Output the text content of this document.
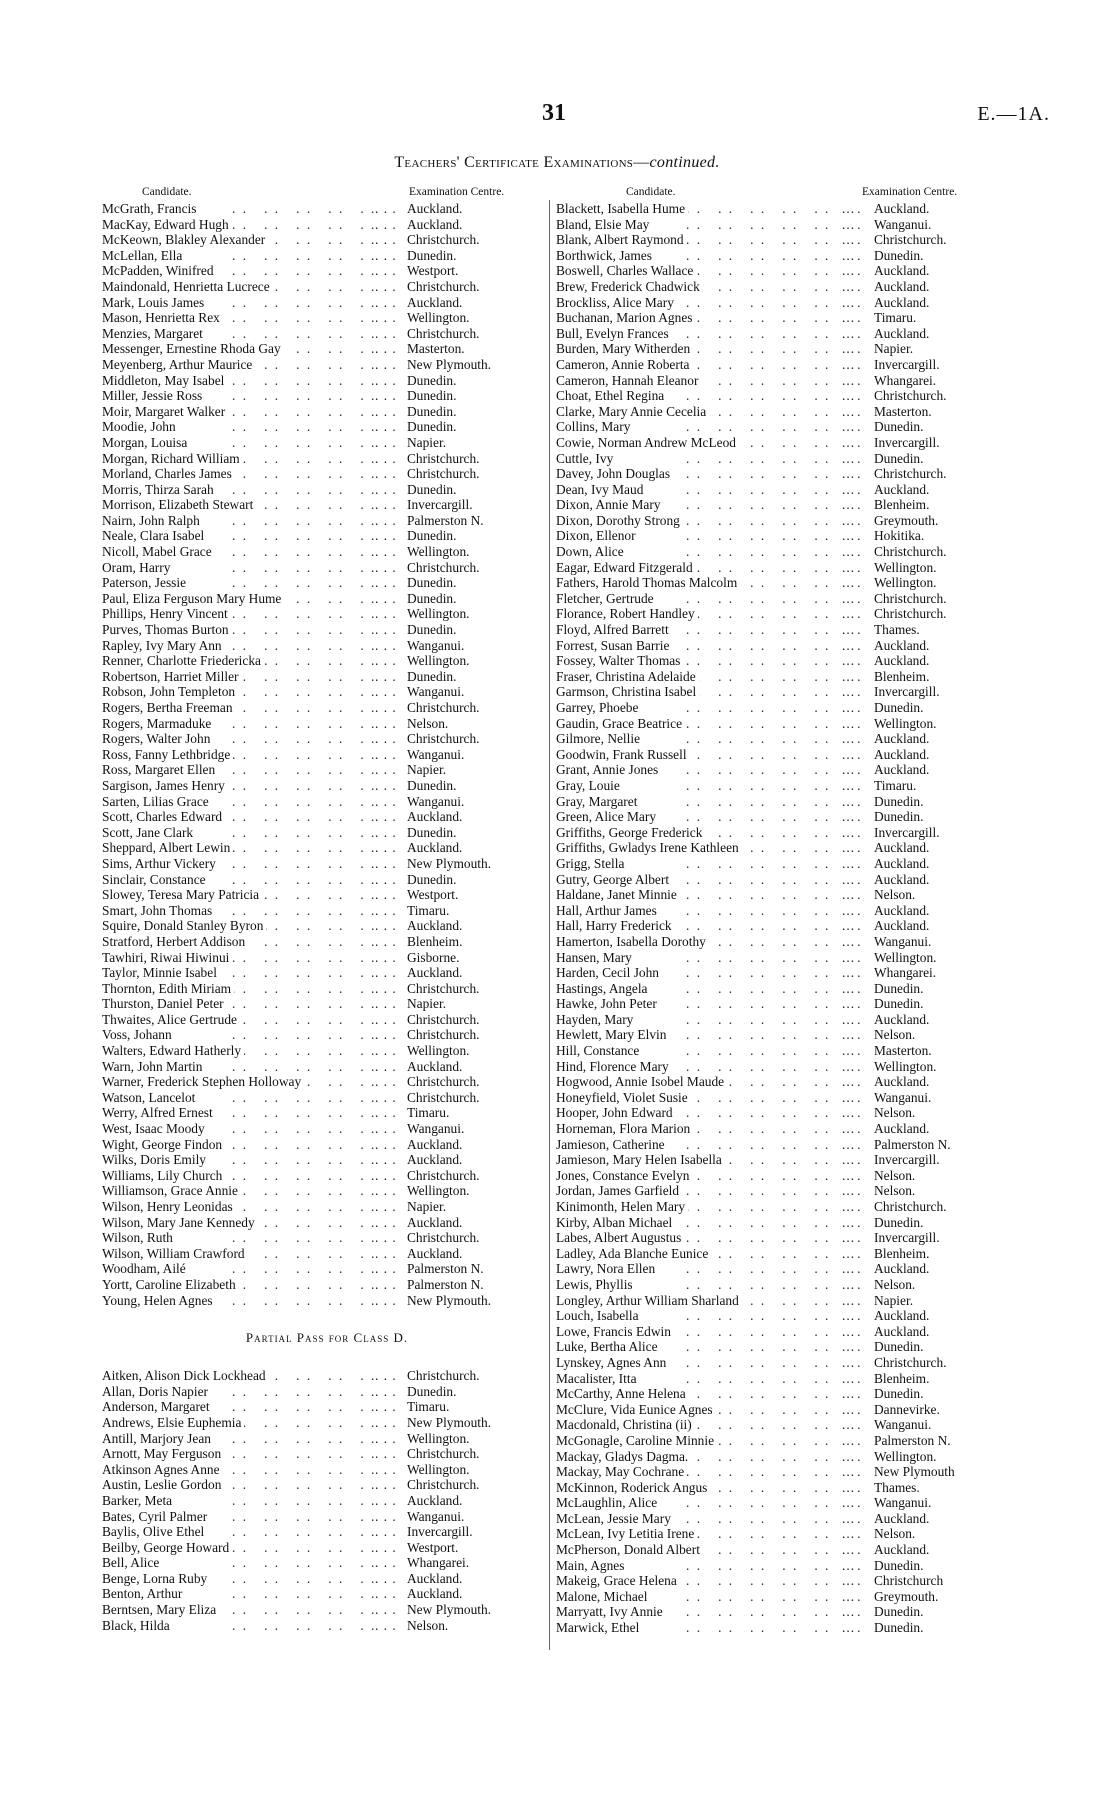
31	E.—1A.
Teachers' Certificate Examinations—continued.
Candidate.	Examination Centre.
McGrath, Francis . .	. . Auckland.
MacKay, Edward Hugh . .	. . Auckland.
McKeown, Blakley Alexander . .	. . Christchurch.
McLellan, Ella . .	. . Dunedin.
McPadden, Winifred . .	. . Westport.
Maindonald, Henrietta Lucrece . .	. . Christchurch.
Mark, Louis James . .	. . Auckland.
Mason, Henrietta Rex . .	. . Wellington.
Menzies, Margaret . .	. . Christchurch.
Messenger, Ernestine Rhoda Gay . .	. . Masterton.
Meyenberg, Arthur Maurice . .	. . New Plymouth.
Middleton, May Isabel . .	. . Dunedin.
Miller, Jessie Ross . .	. . Dunedin.
Moir, Margaret Walker . .	. . Dunedin.
Moodie, John . .	. . Dunedin.
Morgan, Louisa . .	. . Napier.
Morgan, Richard William . .	. . Christchurch.
Morland, Charles James . .	. . Christchurch.
Morris, Thirza Sarah . .	. . Dunedin.
Morrison, Elizabeth Stewart . .	. . Invercargill.
Nairn, John Ralph . .	. . Palmerston N.
Neale, Clara Isabel . .	. . Dunedin.
Nicoll, Mabel Grace . .	. . Wellington.
Oram, Harry . .	. . Christchurch.
Paterson, Jessie . .	. . Dunedin.
Paul, Eliza Ferguson Mary Hume . .	. . Dunedin.
Phillips, Henry Vincent . .	. . Wellington.
Purves, Thomas Burton . .	. . Dunedin.
Rapley, Ivy Mary Ann . .	. . Wanganui.
Renner, Charlotte Friedericka . .	. . Wellington.
Robertson, Harriet Miller . .	. . Dunedin.
Robson, John Templeton . .	. . Wanganui.
Rogers, Bertha Freeman . .	. . Christchurch.
Rogers, Marmaduke . .	. . Nelson.
Rogers, Walter John . .	. . Christchurch.
Ross, Fanny Lethbridge . .	. . Wanganui.
Ross, Margaret Ellen . .	. . Napier.
Sargison, James Henry . .	. . Dunedin.
Sarten, Lilias Grace . .	. . Wanganui.
Scott, Charles Edward . .	. . Auckland.
Scott, Jane Clark . .	. . Dunedin.
Sheppard, Albert Lewin . .	. . Auckland.
Sims, Arthur Vickery . .	. . New Plymouth.
Sinclair, Constance . .	. . Dunedin.
Slowey, Teresa Mary Patricia . .	. . Westport.
Smart, John Thomas . .	. . Timaru.
Squire, Donald Stanley Byron . .	. . Auckland.
Stratford, Herbert Addison . .	. . Blenheim.
Tawhiri, Riwai Hiwinui . .	. . Gisborne.
Taylor, Minnie Isabel . .	. . Auckland.
Thornton, Edith Miriam . .	. . Christchurch.
Thurston, Daniel Peter . .	. . Napier.
Thwaites, Alice Gertrude . .	. . Christchurch.
Voss, Johann . .	. . Christchurch.
Walters, Edward Hatherly . .	. . Wellington.
Warn, John Martin . .	. . Auckland.
Warner, Frederick Stephen Holloway . .	. . Christchurch.
Watson, Lancelot . .	. . Christchurch.
Werry, Alfred Ernest . .	. . Timaru.
West, Isaac Moody . .	. . Wanganui.
Wight, George Findon . .	. . Auckland.
Wilks, Doris Emily . .	. . Auckland.
Williams, Lily Church . .	. . Christchurch.
Williamson, Grace Annie . .	. . Wellington.
Wilson, Henry Leonidas . .	. . Napier.
Wilson, Mary Jane Kennedy . .	. . Auckland.
Wilson, Ruth . .	. . Christchurch.
Wilson, William Crawford . .	. . Auckland.
Woodham, Ailé . .	. . Palmerston N.
Yortt, Caroline Elizabeth . .	. . Palmerston N.
Young, Helen Agnes . .	. . New Plymouth.
Partial Pass for Class D.
Aitken, Alison Dick Lockhead . .	. . Christchurch.
Allan, Doris Napier . .	. . Dunedin.
Anderson, Margaret . .	. . Timaru.
Andrews, Elsie Euphemia . .	. . New Plymouth.
Antill, Marjory Jean . .	. . Wellington.
Arnott, May Ferguson . .	. . Christchurch.
Atkinson Agnes Anne . .	. . Wellington.
Austin, Leslie Gordon . .	. . Christchurch.
Barker, Meta . .	. . Auckland.
Bates, Cyril Palmer . .	. . Wanganui.
Baylis, Olive Ethel . .	. . Invercargill.
Beilby, George Howard . .	. . Westport.
Bell, Alice . .	. . Whangarei.
Benge, Lorna Ruby . .	. . Auckland.
Benton, Arthur . .	. . Auckland.
Berntsen, Mary Eliza . .	. . New Plymouth.
Black, Hilda . .	. . Nelson.
Candidate.	Examination Centre.
Blackett, Isabella Hume . .	. . Auckland.
Bland, Elsie May . .	. . Wanganui.
Blank, Albert Raymond . .	. . Christchurch.
Borthwick, James . .	. . Dunedin.
Boswell, Charles Wallace . .	. . Auckland.
Brew, Frederick Chadwick . .	. . Auckland.
Brockliss, Alice Mary . .	. . Auckland.
Buchanan, Marion Agnes . .	. . Timaru.
Bull, Evelyn Frances . .	. . Auckland.
Burden, Mary Witherden . .	. . Napier.
Cameron, Annie Roberta . .	. . Invercargill.
Cameron, Hannah Eleanor . .	. . Whangarei.
Choat, Ethel Regina . .	. . Christchurch.
Clarke, Mary Annie Cecelia . .	. . Masterton.
Collins, Mary . .	. . Dunedin.
Cowie, Norman Andrew McLeod . .	. . Invercargill.
Cuttle, Ivy . .	. . Dunedin.
Davey, John Douglas . .	. . Christchurch.
Dean, Ivy Maud . .	. . Auckland.
Dixon, Annie Mary . .	. . Blenheim.
Dixon, Dorothy Strong . .	. . Greymouth.
Dixon, Ellenor . .	. . Hokitika.
Down, Alice . .	. . Christchurch.
Eagar, Edward Fitzgerald . .	. . Wellington.
Fathers, Harold Thomas Malcolm . .	. . Wellington.
Fletcher, Gertrude . .	. . Christchurch.
Florance, Robert Handley . .	. . Christchurch.
Floyd, Alfred Barrett . .	. . Thames.
Forrest, Susan Barrie . .	. . Auckland.
Fossey, Walter Thomas . .	. . Auckland.
Fraser, Christina Adelaide . .	. . Blenheim.
Garmson, Christina Isabel . .	. . Invercargill.
Garrey, Phoebe . .	. . Dunedin.
Gaudin, Grace Beatrice . .	. . Wellington.
Gilmore, Nellie . .	. . Auckland.
Goodwin, Frank Russell . .	. . Auckland.
Grant, Annie Jones . .	. . Auckland.
Gray, Louie . .	. . Timaru.
Gray, Margaret . .	. . Dunedin.
Green, Alice Mary . .	. . Dunedin.
Griffiths, George Frederick . .	. . Invercargill.
Griffiths, Gwladys Irene Kathleen . .	. . Auckland.
Grigg, Stella . .	. . Auckland.
Gutry, George Albert . .	. . Auckland.
Haldane, Janet Minnie . .	. . Nelson.
Hall, Arthur James . .	. . Auckland.
Hall, Harry Frederick . .	. . Auckland.
Hamerton, Isabella Dorothy . .	. . Wanganui.
Hansen, Mary . .	. . Wellington.
Harden, Cecil John . .	. . Whangarei.
Hastings, Angela . .	. . Dunedin.
Hawke, John Peter . .	. . Dunedin.
Hayden, Mary . .	. . Auckland.
Hewlett, Mary Elvin . .	. . Nelson.
Hill, Constance . .	. . Masterton.
Hind, Florence Mary . .	. . Wellington.
Hogwood, Annie Isobel Maude . .	. . Auckland.
Honeyfield, Violet Susie . .	. . Wanganui.
Hooper, John Edward . .	. . Nelson.
Horneman, Flora Marion . .	. . Auckland.
Jamieson, Catherine . .	. . Palmerston N.
Jamieson, Mary Helen Isabella . .	. . Invercargill.
Jones, Constance Evelyn . .	. . Nelson.
Jordan, James Garfield . .	. . Nelson.
Kinimonth, Helen Mary . .	. . Christchurch.
Kirby, Alban Michael . .	. . Dunedin.
Labes, Albert Augustus . .	. . Invercargill.
Ladley, Ada Blanche Eunice . .	. . Blenheim.
Lawry, Nora Ellen . .	. . Auckland.
Lewis, Phyllis . .	. . Nelson.
Longley, Arthur William Sharland . .	. . Napier.
Louch, Isabella . .	. . Auckland.
Lowe, Francis Edwin . .	. . Auckland.
Luke, Bertha Alice . .	. . Dunedin.
Lynskey, Agnes Ann . .	. . Christchurch.
Macalister, Itta . .	. . Blenheim.
McCarthy, Anne Helena . .	. . Dunedin.
McClure, Vida Eunice Agnes . .	. . Dannevirke.
Macdonald, Christina (ii) . .	. . Wanganui.
McGonagle, Caroline Minnie . .	. . Palmerston N.
Mackay, Gladys Dagma. . .	. . Wellington.
Mackay, May Cochrane . .	. . New Plymouth
McKinnon, Roderick Angus . .	. . Thames.
McLaughlin, Alice . .	. . Wanganui.
McLean, Jessie Mary . .	. . Auckland.
McLean, Ivy Letitia Irene . .	. . Nelson.
McPherson, Donald Albert . .	. . Auckland.
Main, Agnes . .	. . Dunedin.
Makeig, Grace Helena . .	. . Christchurch
Malone, Michael . .	. . Greymouth.
Marryatt, Ivy Annie . .	. . Dunedin.
Marwick, Ethel . .	. . Dunedin.
